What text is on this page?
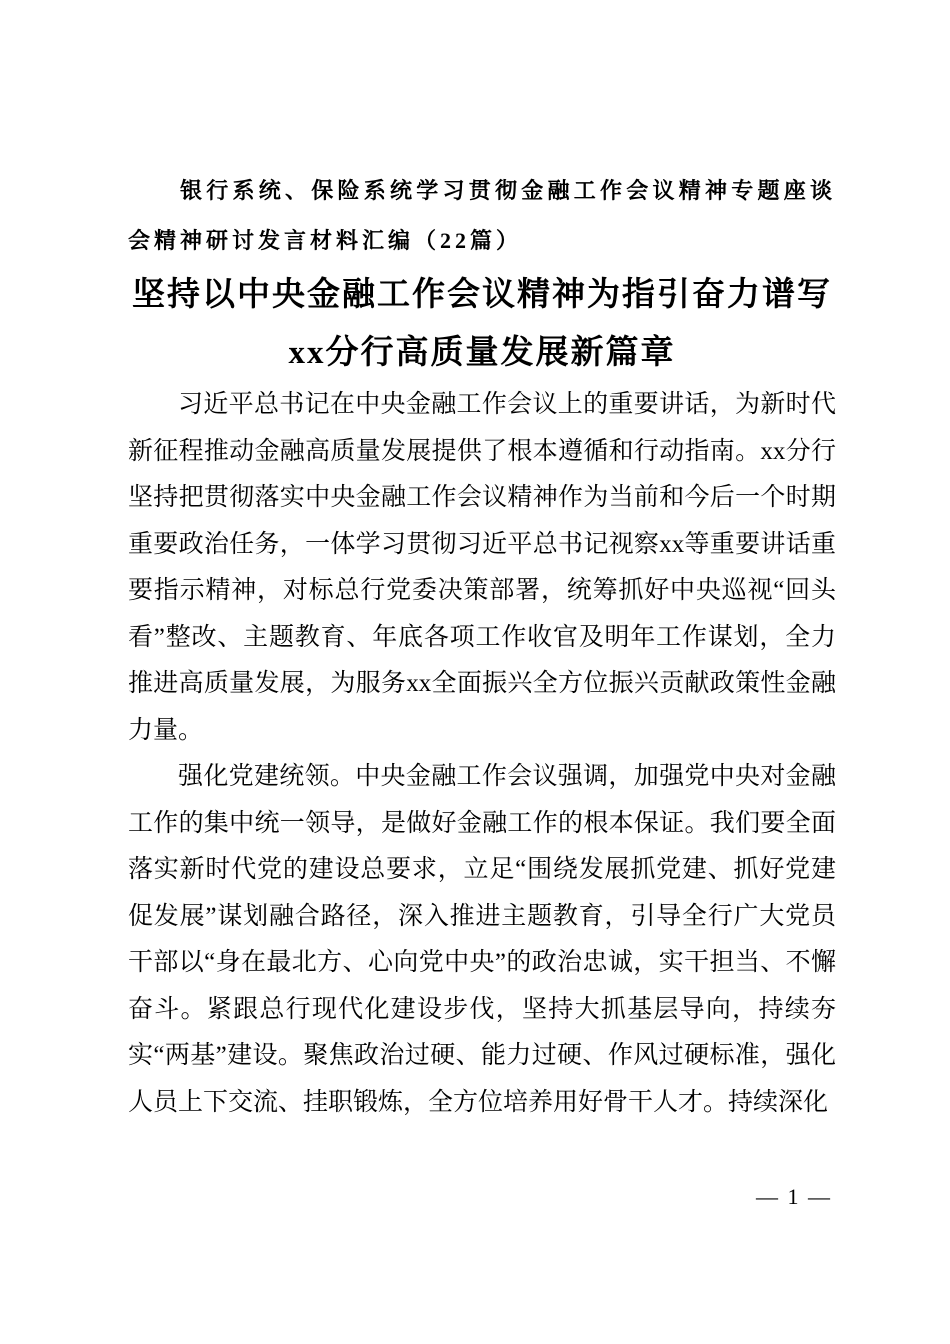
银行系统、保险系统学习贯彻金融工作会议精神专题座谈会精神研讨发言材料汇编（22篇）

坚持以中央金融工作会议精神为指引奋力谱写
xx分行高质量发展新篇章

习近平总书记在中央金融工作会议上的重要讲话，为新时代新征程推动金融高质量发展提供了根本遵循和行动指南。xx分行坚持把贯彻落实中央金融工作会议精神作为当前和今后一个时期重要政治任务，一体学习贯彻习近平总书记视察xx等重要讲话重要指示精神，对标总行党委决策部署，统筹抓好中央巡视“回头看”整改、主题教育、年底各项工作收官及明年工作谋划，全力推进高质量发展，为服务xx全面振兴全方位振兴贡献政策性金融力量。

强化党建统领。中央金融工作会议强调，加强党中央对金融工作的集中统一领导，是做好金融工作的根本保证。我们要全面落实新时代党的建设总要求，立足“围绕发展抓党建、抓好党建促发展”谋划融合路径，深入推进主题教育，引导全行广大党员干部以“身在最北方、心向党中央”的政治忠诚，实干担当、不懈奋斗。紧跟总行现代化建设步伐，坚持大抓基层导向，持续夯实“两基”建设。聚焦政治过硬、能力过硬、作风过硬标准，强化人员上下交流、挂职锻炼，全方位培养用好骨干人才。持续深化

— 1 —
